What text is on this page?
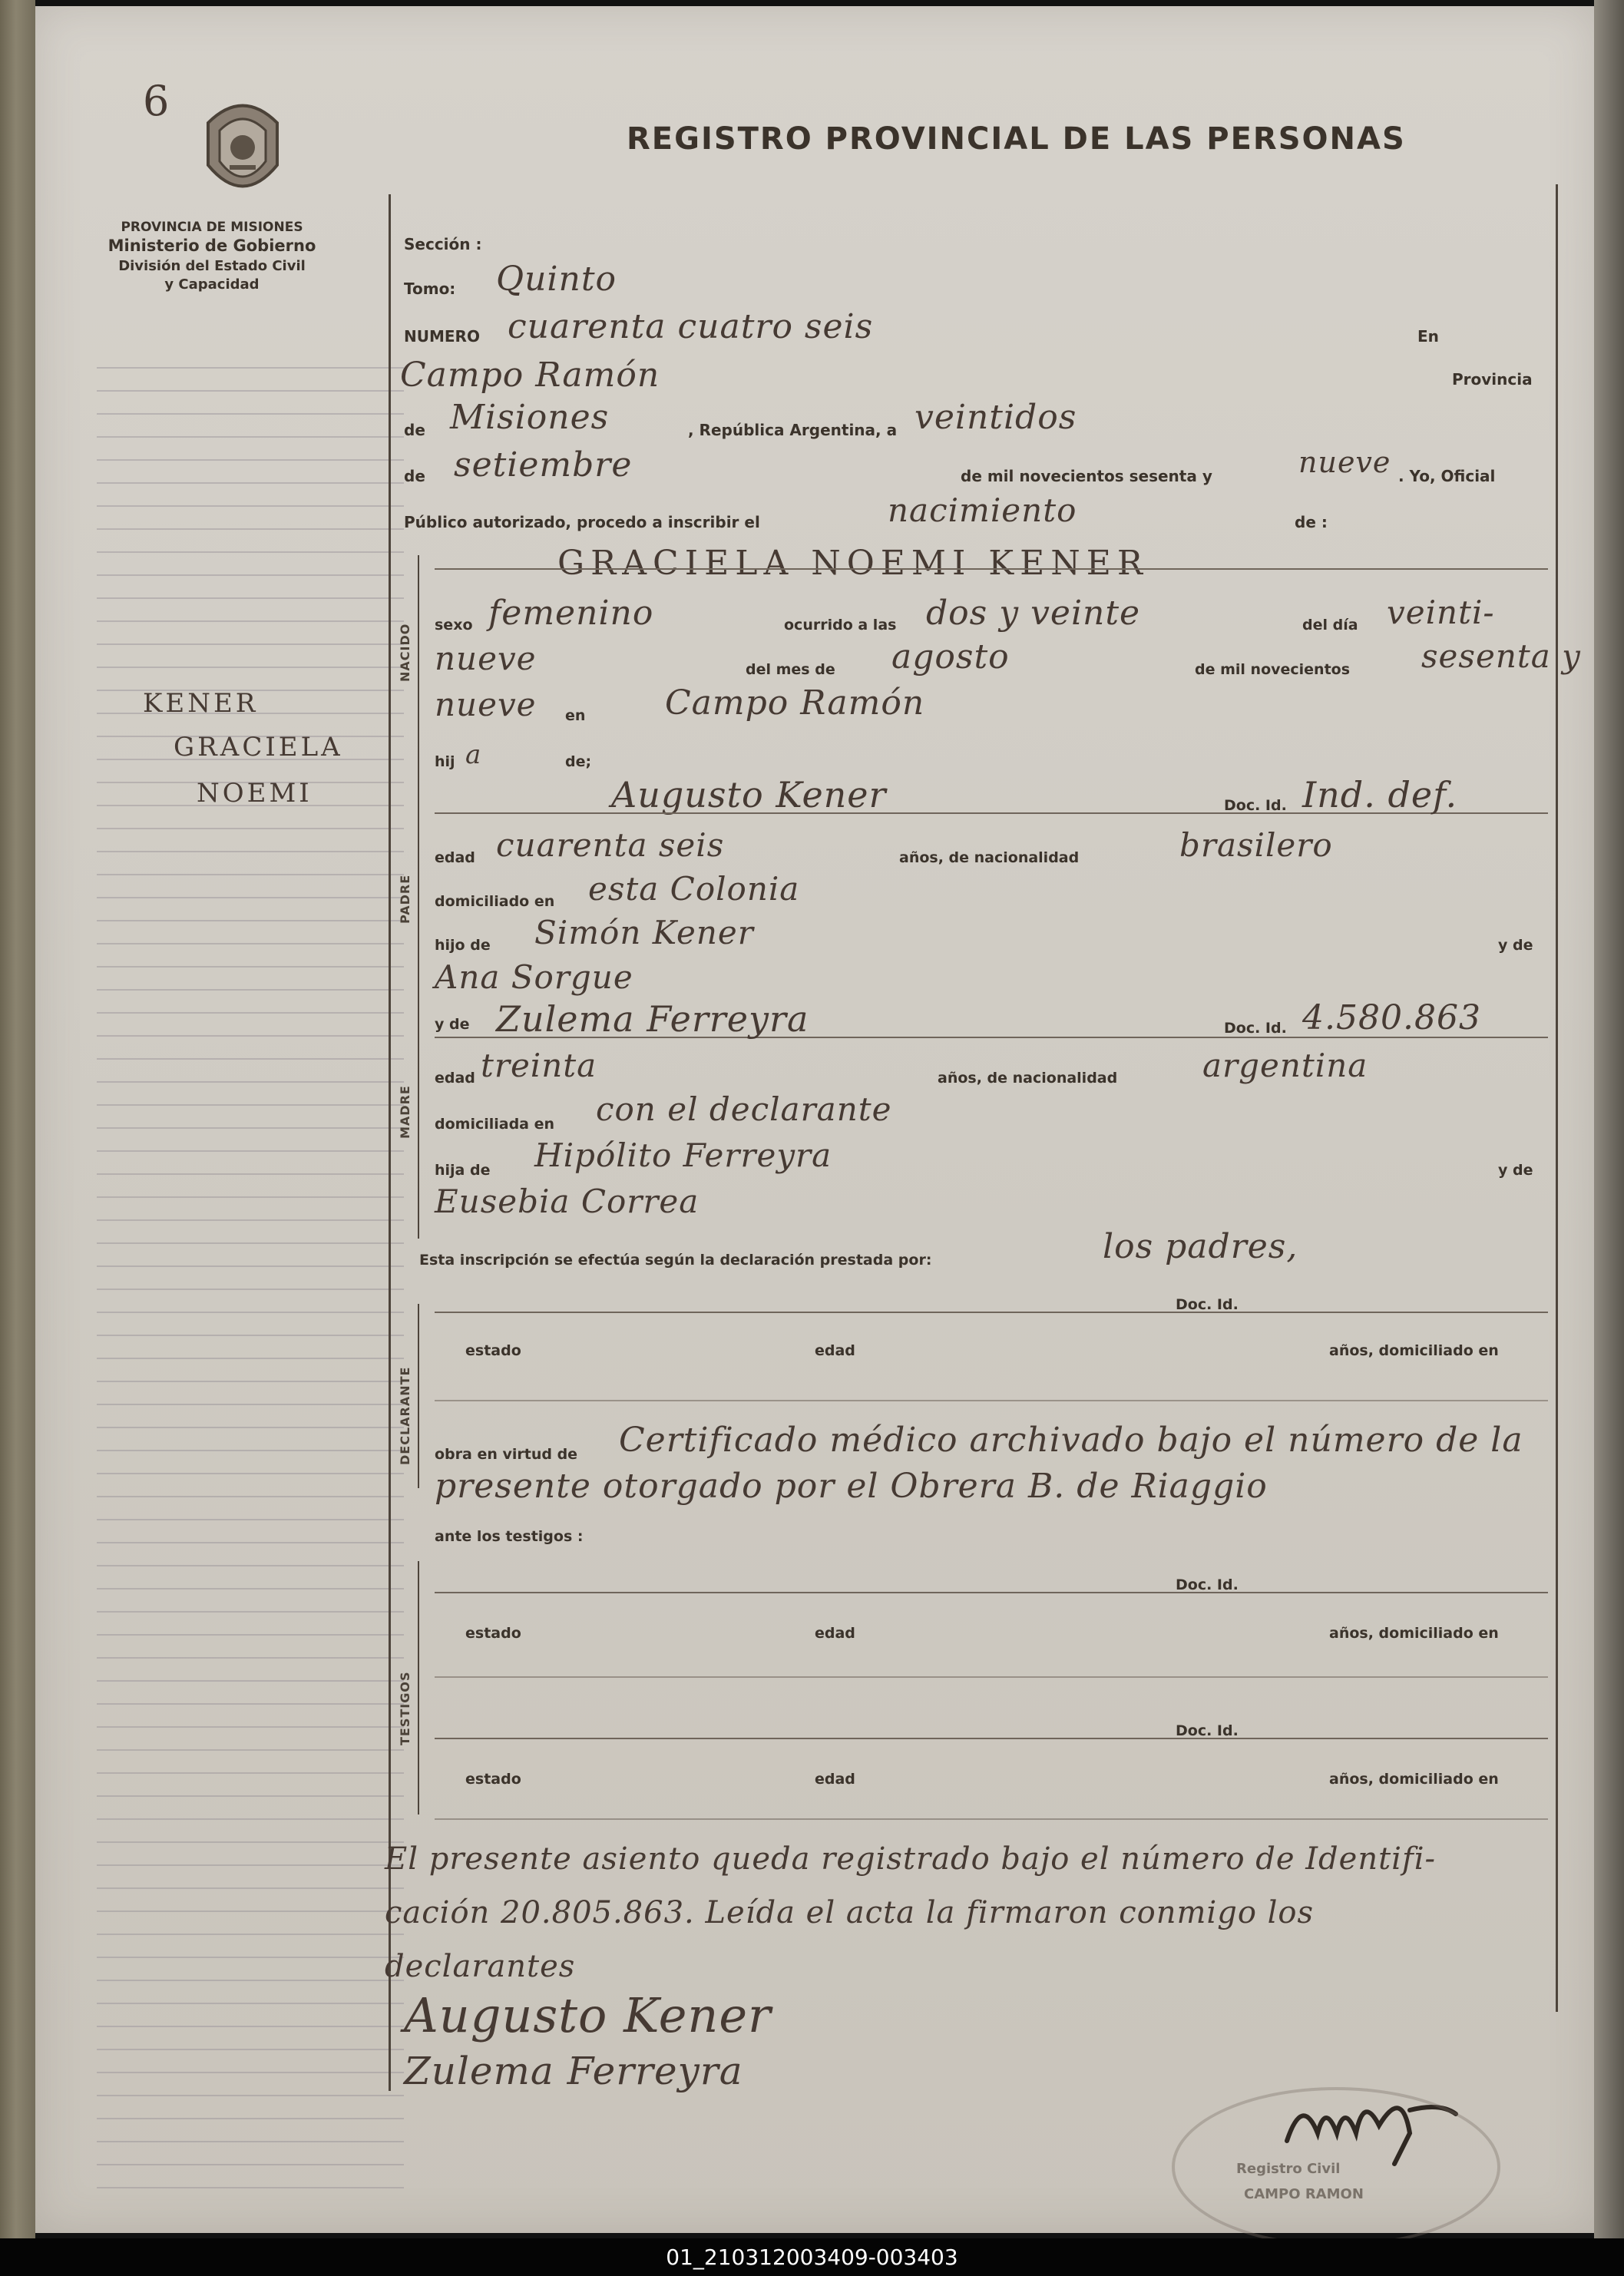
6
PROVINCIA DE MISIONES
Ministerio de Gobierno
División del Estado Civil
y Capacidad
REGISTRO PROVINCIAL DE LAS PERSONAS
KENER
GRACIELA
NOEMI
NACIDO
PADRE
MADRE
DECLARANTE
TESTIGOS
Sección :
Tomo: Quinto
NUMERO cuarenta cuatro seis	En
Campo Ramón	Provincia
de Misiones	, República Argentina, a veintidos
de setiembre	de mil novecientos sesenta y	nueve . Yo, Oficial
Público autorizado, procedo a inscribir el	nacimiento	de :
GRACIELA NOEMI KENER
sexo femenino	ocurrido a las dos y veinte	del día veinti-
nueve	del mes de agosto	de mil novecientos sesenta y
nueve en Campo Ramón
hij a	de;
Augusto Kener	Doc. Id. Ind. def.
edad cuarenta seis	años, de nacionalidad	brasilero
domiciliado en esta Colonia
hijo de Simón Kener	y de
Ana Sorgue
y de Zulema Ferreyra	Doc. Id. 4.580.863
edad treinta	años, de nacionalidad	argentina
domiciliada en con el declarante
hija de Hipólito Ferreyra	y de
Eusebia Correa
Esta inscripción se efectúa según la declaración prestada por:	los padres,
Doc. Id.
estado	edad	años, domiciliado en
obra en virtud de Certificado médico archivado bajo el número de la
presente otorgado por el Obrera B. de Riaggio
ante los testigos :
Doc. Id.
estado	edad	años, domiciliado en
Doc. Id.
estado	edad	años, domiciliado en
El presente asiento queda registrado bajo el número de Identifi-
cación 20.805.863. Leída el acta la firmaron conmigo los
declarantes
Augusto Kener
Zulema Ferreyra
Registro Civil
CAMPO RAMON
01_210312003409-003403
